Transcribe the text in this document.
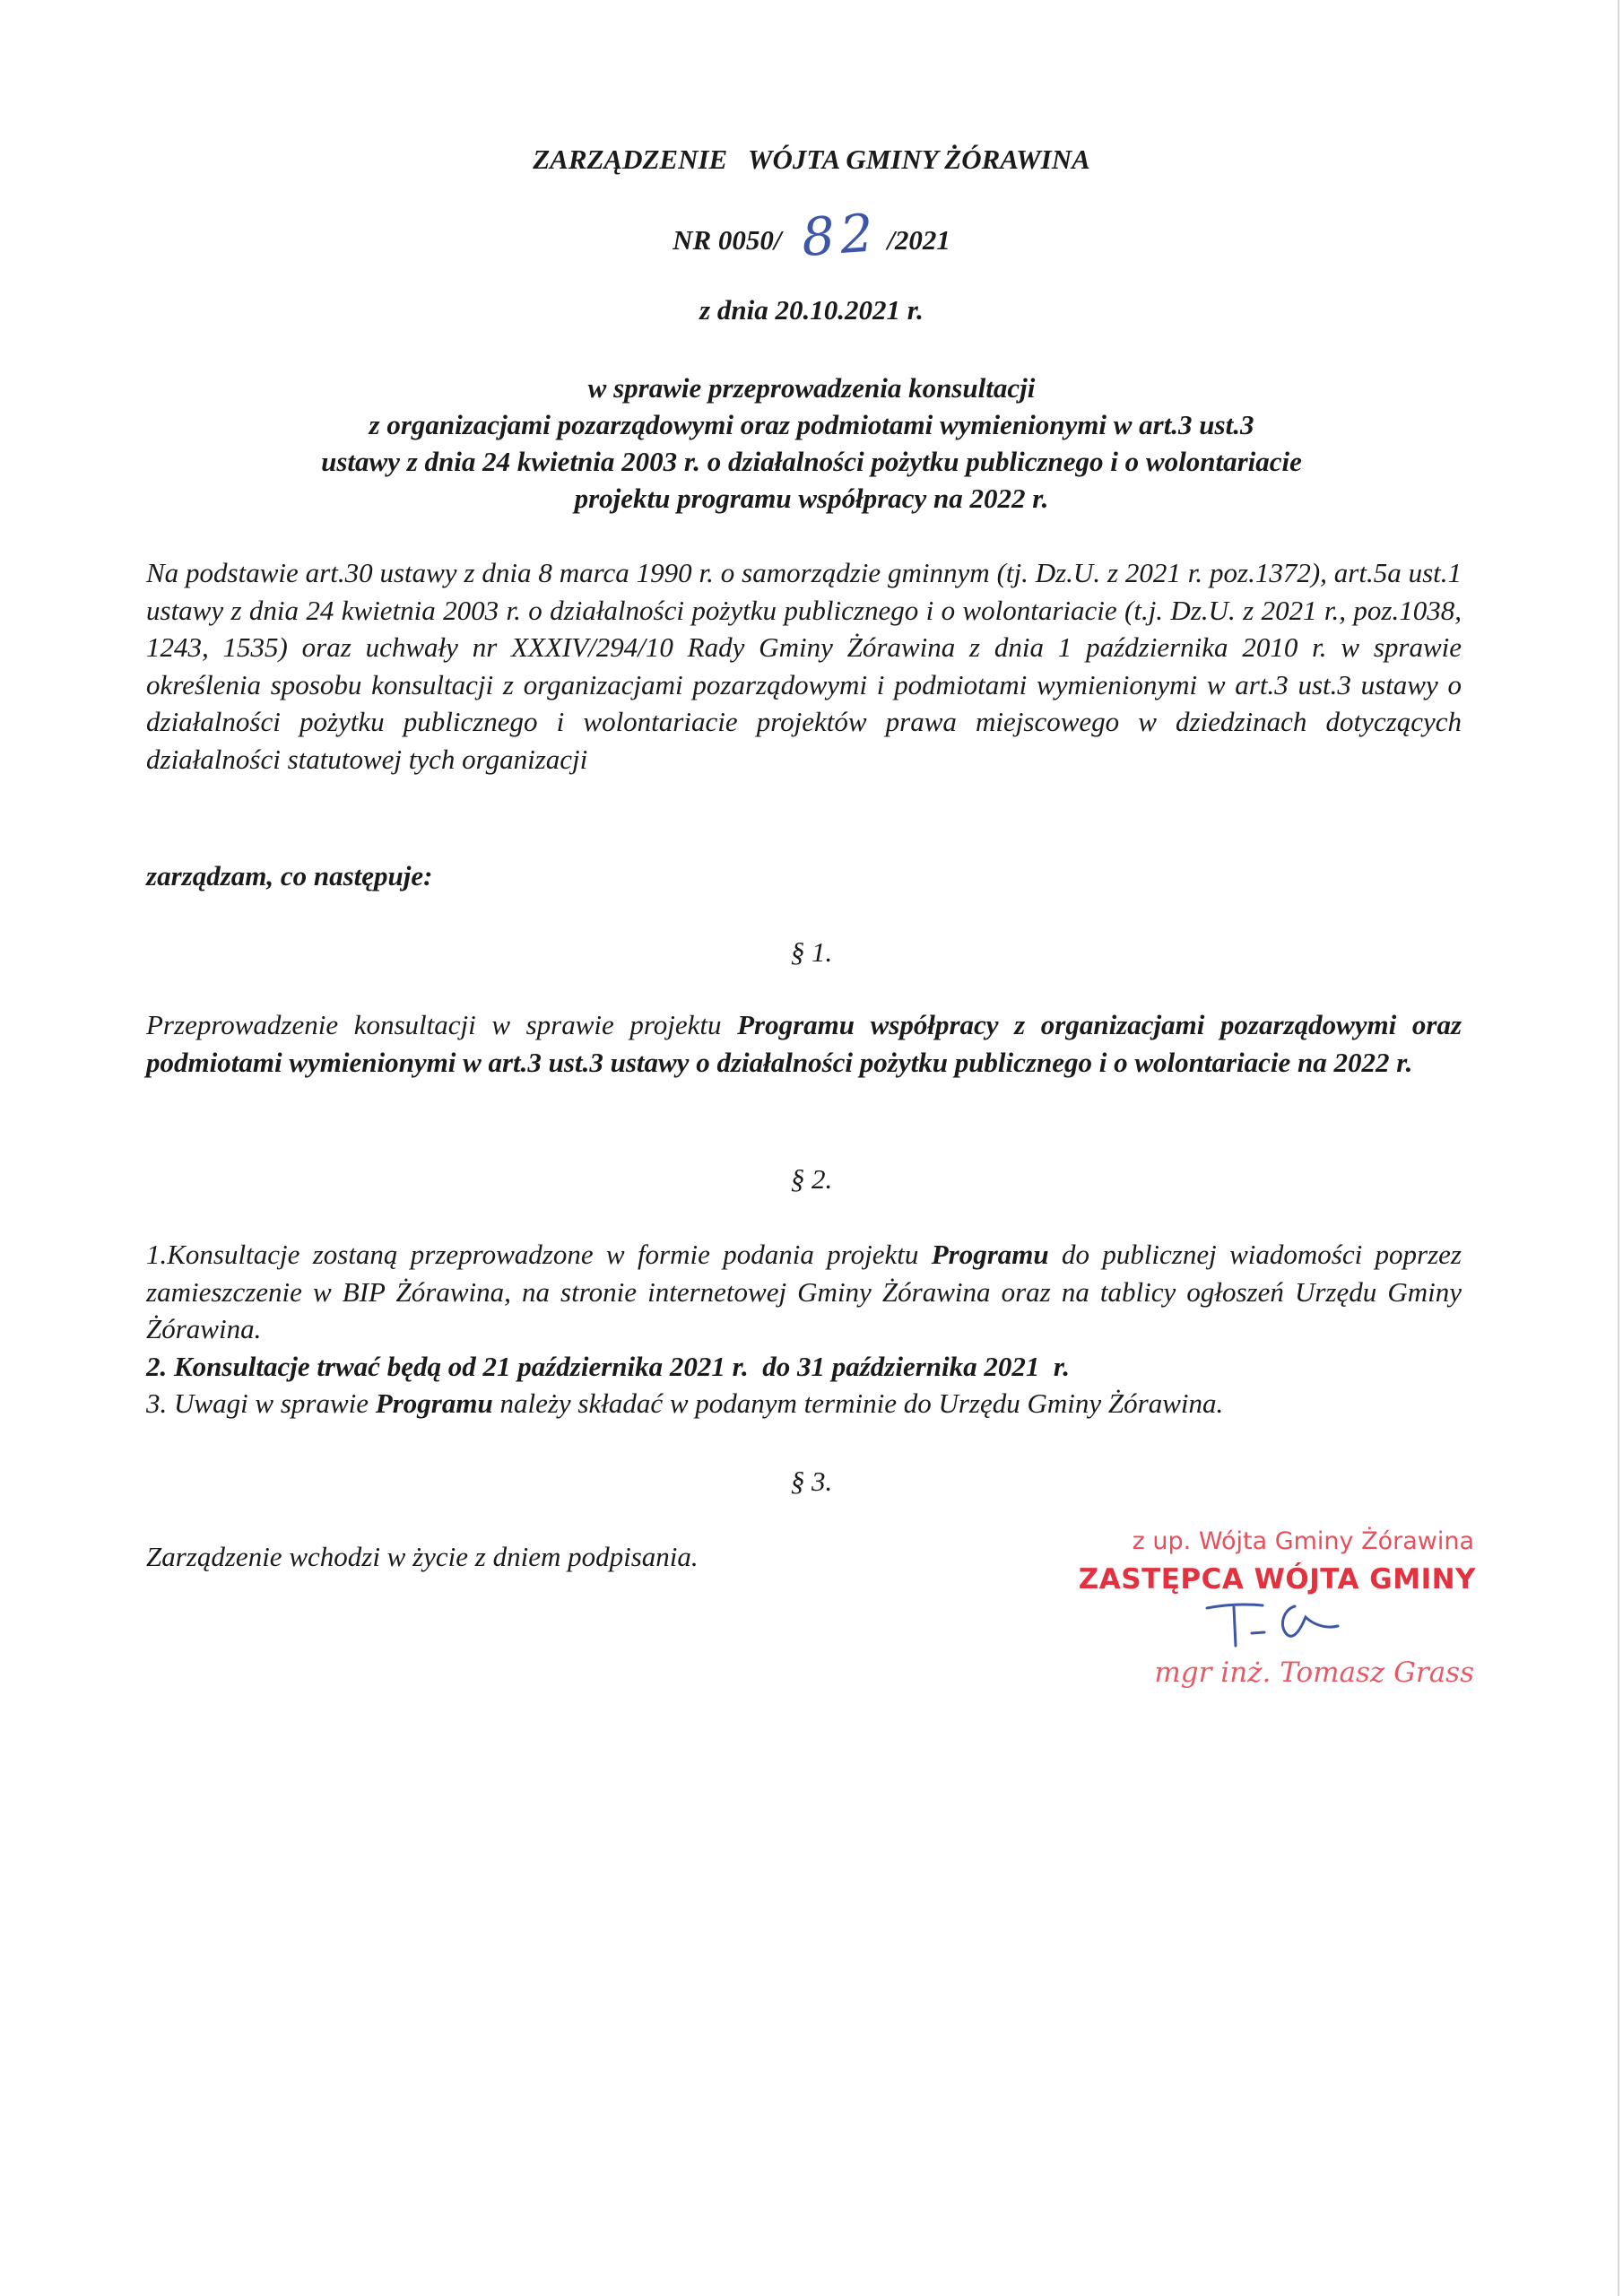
ZARZĄDZENIE   WÓJTA GMINY ŻÓRAWINA

NR 0050/ 82 /2021

z dnia 20.10.2021 r.

w sprawie przeprowadzenia konsultacji
z organizacjami pozarządowymi oraz podmiotami wymienionymi w art.3 ust.3
ustawy z dnia 24 kwietnia 2003 r. o działalności pożytku publicznego i o wolontariacie
projektu programu współpracy na 2022 r.

Na podstawie art.30 ustawy z dnia 8 marca 1990 r. o samorządzie gminnym (tj. Dz.U. z 2021 r. poz.1372), art.5a ust.1 ustawy z dnia 24 kwietnia 2003 r. o działalności pożytku publicznego i o wolontariacie (t.j. Dz.U. z 2021 r., poz.1038, 1243, 1535) oraz uchwały nr XXXIV/294/10 Rady Gminy Żórawina z dnia 1 października 2010 r. w sprawie określenia sposobu konsultacji z organizacjami pozarządowymi i podmiotami wymienionymi w art.3 ust.3 ustawy o działalności pożytku publicznego i wolontariacie projektów prawa miejscowego w dziedzinach dotyczących działalności statutowej tych organizacji

zarządzam, co następuje:

§ 1.

Przeprowadzenie konsultacji w sprawie projektu Programu współpracy z organizacjami pozarządowymi oraz podmiotami wymienionymi w art.3 ust.3 ustawy o działalności pożytku publicznego i o wolontariacie na 2022 r.

§ 2.

1.Konsultacje zostaną przeprowadzone w formie podania projektu Programu do publicznej wiadomości poprzez zamieszczenie w BIP Żórawina, na stronie internetowej Gminy Żórawina oraz na tablicy ogłoszeń Urzędu Gminy Żórawina.

2. Konsultacje trwać będą od 21 października 2021 r.  do 31 października 2021  r.

3. Uwagi w sprawie Programu należy składać w podanym terminie do Urzędu Gminy Żórawina.

§ 3.

Zarządzenie wchodzi w życie z dniem podpisania.	z up. Wójta Gminy Żórawina
ZASTĘPCA WÓJTA GMINY
mgr inż. Tomasz Grass
